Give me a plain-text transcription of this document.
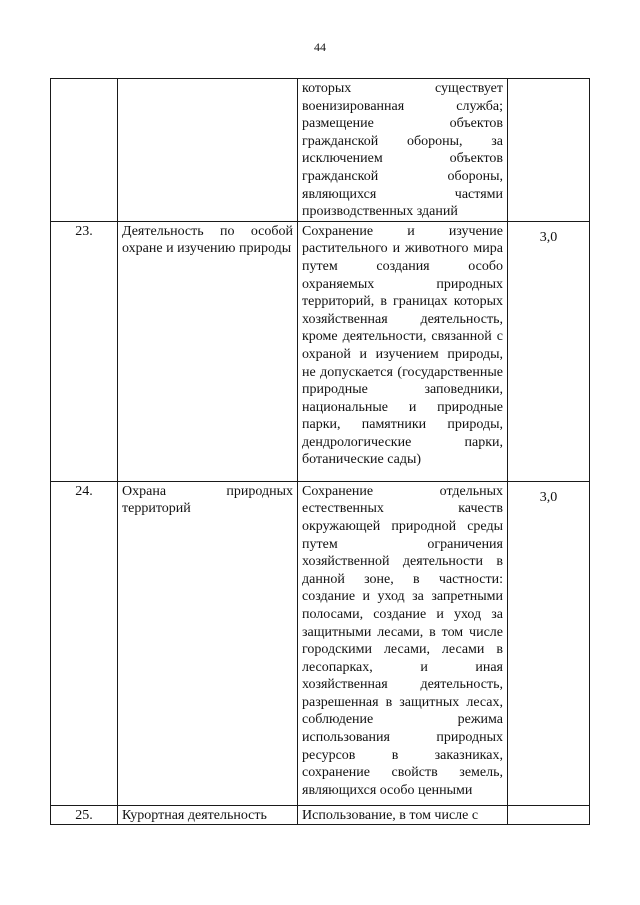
44
		которых существует военизированная служба; размещение объектов гражданской обороны, за исключением объектов гражданской обороны, являющихся частями производственных зданий	

23.	Деятельность по особой охране и изучению природы	Сохранение и изучение растительного и животного мира путем создания особо охраняемых природных территорий, в границах которых хозяйственная деятельность, кроме деятельности, связанной с охраной и изучением природы, не допускается (государственные природные заповедники, национальные и природные парки, памятники природы, дендрологические парки, ботанические сады)	3,0

24.	Охрана природных территорий	Сохранение отдельных естественных качеств окружающей природной среды путем ограничения хозяйственной деятельности в данной зоне, в частности: создание и уход за запретными полосами, создание и уход за защитными лесами, в том числе городскими лесами, лесами в лесопарках, и иная хозяйственная деятельность, разрешенная в защитных лесах, соблюдение режима использования природных ресурсов в заказниках, сохранение свойств земель, являющихся особо ценными	3,0

25.	Курортная деятельность	Использование, в том числе с	
